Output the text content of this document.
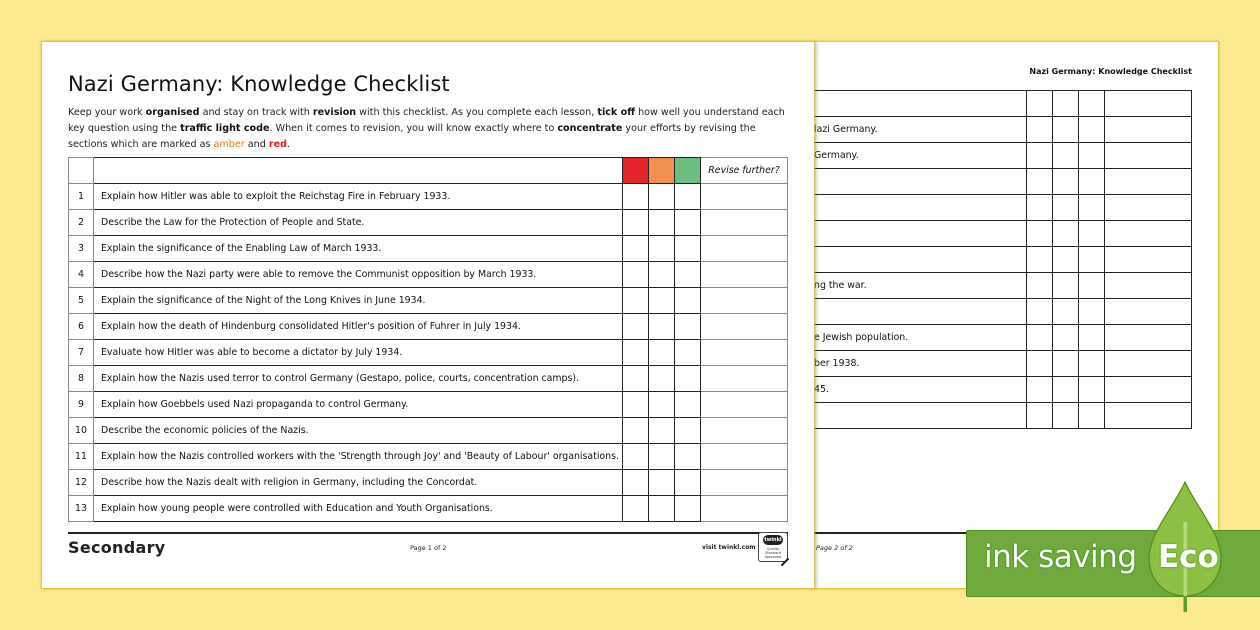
Nazi Germany: Knowledge Checklist

lazi Germany.				
Germany.				

ng the war.				

e Jewish population.				
ber 1938.				
45.				

Page 2 of 2
Nazi Germany: Knowledge Checklist
Keep your work organised and stay on track with revision with this checklist. As you complete each lesson, tick off how well you understand each key question using the traffic light code. When it comes to revision, you will know exactly where to concentrate your efforts by revising the sections which are marked as amber and red.
					Revise further?
1	Explain how Hitler was able to exploit the Reichstag Fire in February 1933.				
2	Describe the Law for the Protection of People and State.				
3	Explain the significance of the Enabling Law of March 1933.				
4	Describe how the Nazi party were able to remove the Communist opposition by March 1933.				
5	Explain the significance of the Night of the Long Knives in June 1934.				
6	Explain how the death of Hindenburg consolidated Hitler's position of Fuhrer in July 1934.				
7	Evaluate how Hitler was able to become a dictator by July 1934.				
8	Explain how the Nazis used terror to control Germany (Gestapo, police, courts, concentration camps).				
9	Explain how Goebbels used Nazi propaganda to control Germany.				
10	Describe the economic policies of the Nazis.				
11	Explain how the Nazis controlled workers with the 'Strength through Joy' and 'Beauty of Labour' organisations.				
12	Describe how the Nazis dealt with religion in Germany, including the Concordat.				
13	Explain how young people were controlled with Education and Youth Organisations.				
Secondary	Page 1 of 2	visit twinkl.com
twinkl
Quality Standard Approved	ink saving Eco
